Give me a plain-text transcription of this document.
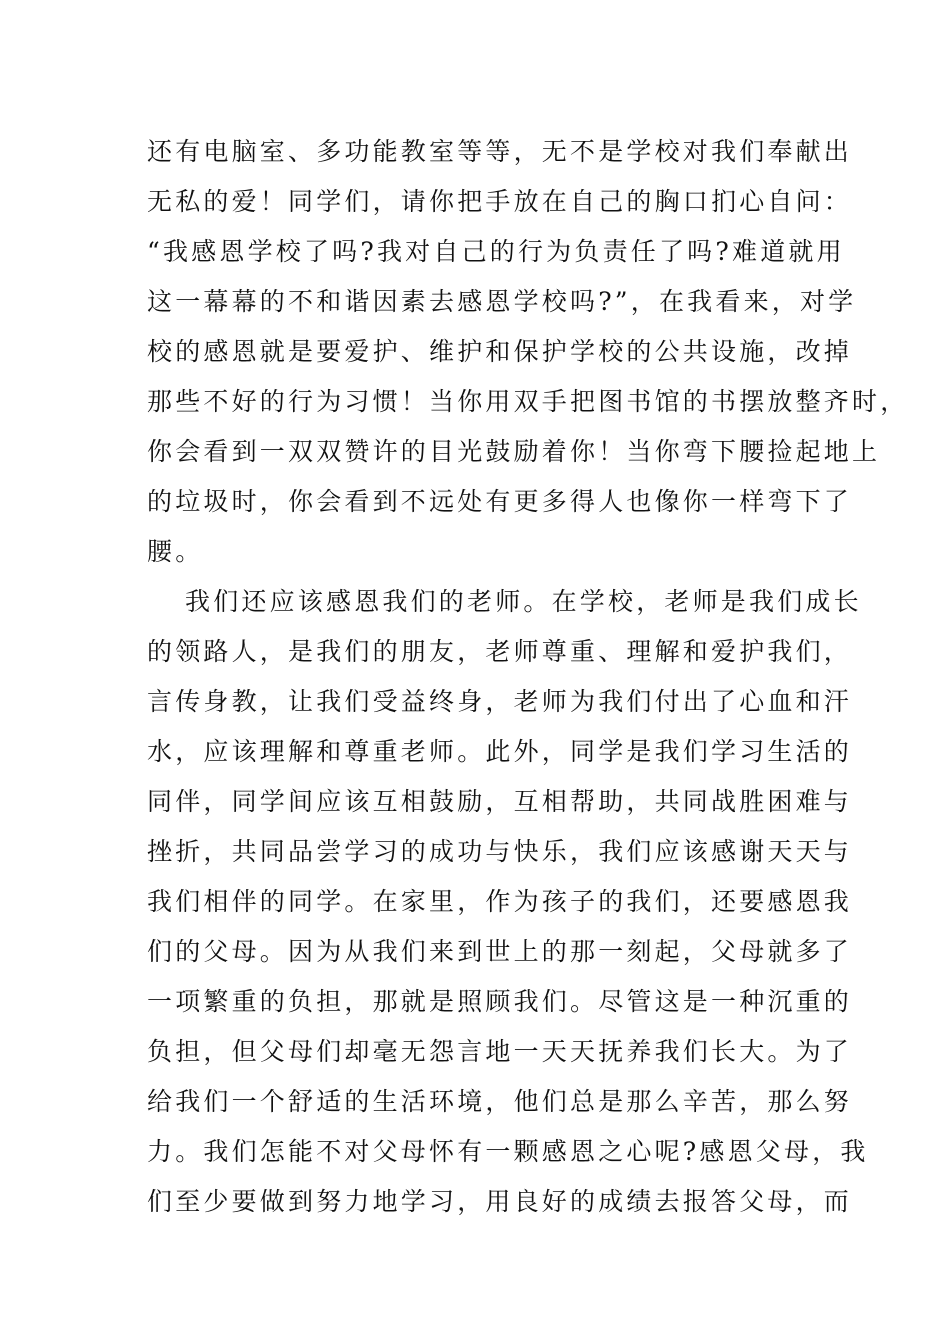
还有电脑室、多功能教室等等，无不是学校对我们奉献出
无私的爱！同学们，请你把手放在自己的胸口扪心自问：
“我感恩学校了吗?我对自己的行为负责任了吗?难道就用
这一幕幕的不和谐因素去感恩学校吗?”，在我看来，对学
校的感恩就是要爱护、维护和保护学校的公共设施，改掉
那些不好的行为习惯！当你用双手把图书馆的书摆放整齐时，
你会看到一双双赞许的目光鼓励着你！当你弯下腰捡起地上
的垃圾时，你会看到不远处有更多得人也像你一样弯下了
腰。
我们还应该感恩我们的老师。在学校，老师是我们成长
的领路人，是我们的朋友，老师尊重、理解和爱护我们，
言传身教，让我们受益终身，老师为我们付出了心血和汗
水，应该理解和尊重老师。此外，同学是我们学习生活的
同伴，同学间应该互相鼓励，互相帮助，共同战胜困难与
挫折，共同品尝学习的成功与快乐，我们应该感谢天天与
我们相伴的同学。在家里，作为孩子的我们，还要感恩我
们的父母。因为从我们来到世上的那一刻起，父母就多了
一项繁重的负担，那就是照顾我们。尽管这是一种沉重的
负担，但父母们却毫无怨言地一天天抚养我们长大。为了
给我们一个舒适的生活环境，他们总是那么辛苦，那么努
力。我们怎能不对父母怀有一颗感恩之心呢?感恩父母，我
们至少要做到努力地学习，用良好的成绩去报答父母，而
